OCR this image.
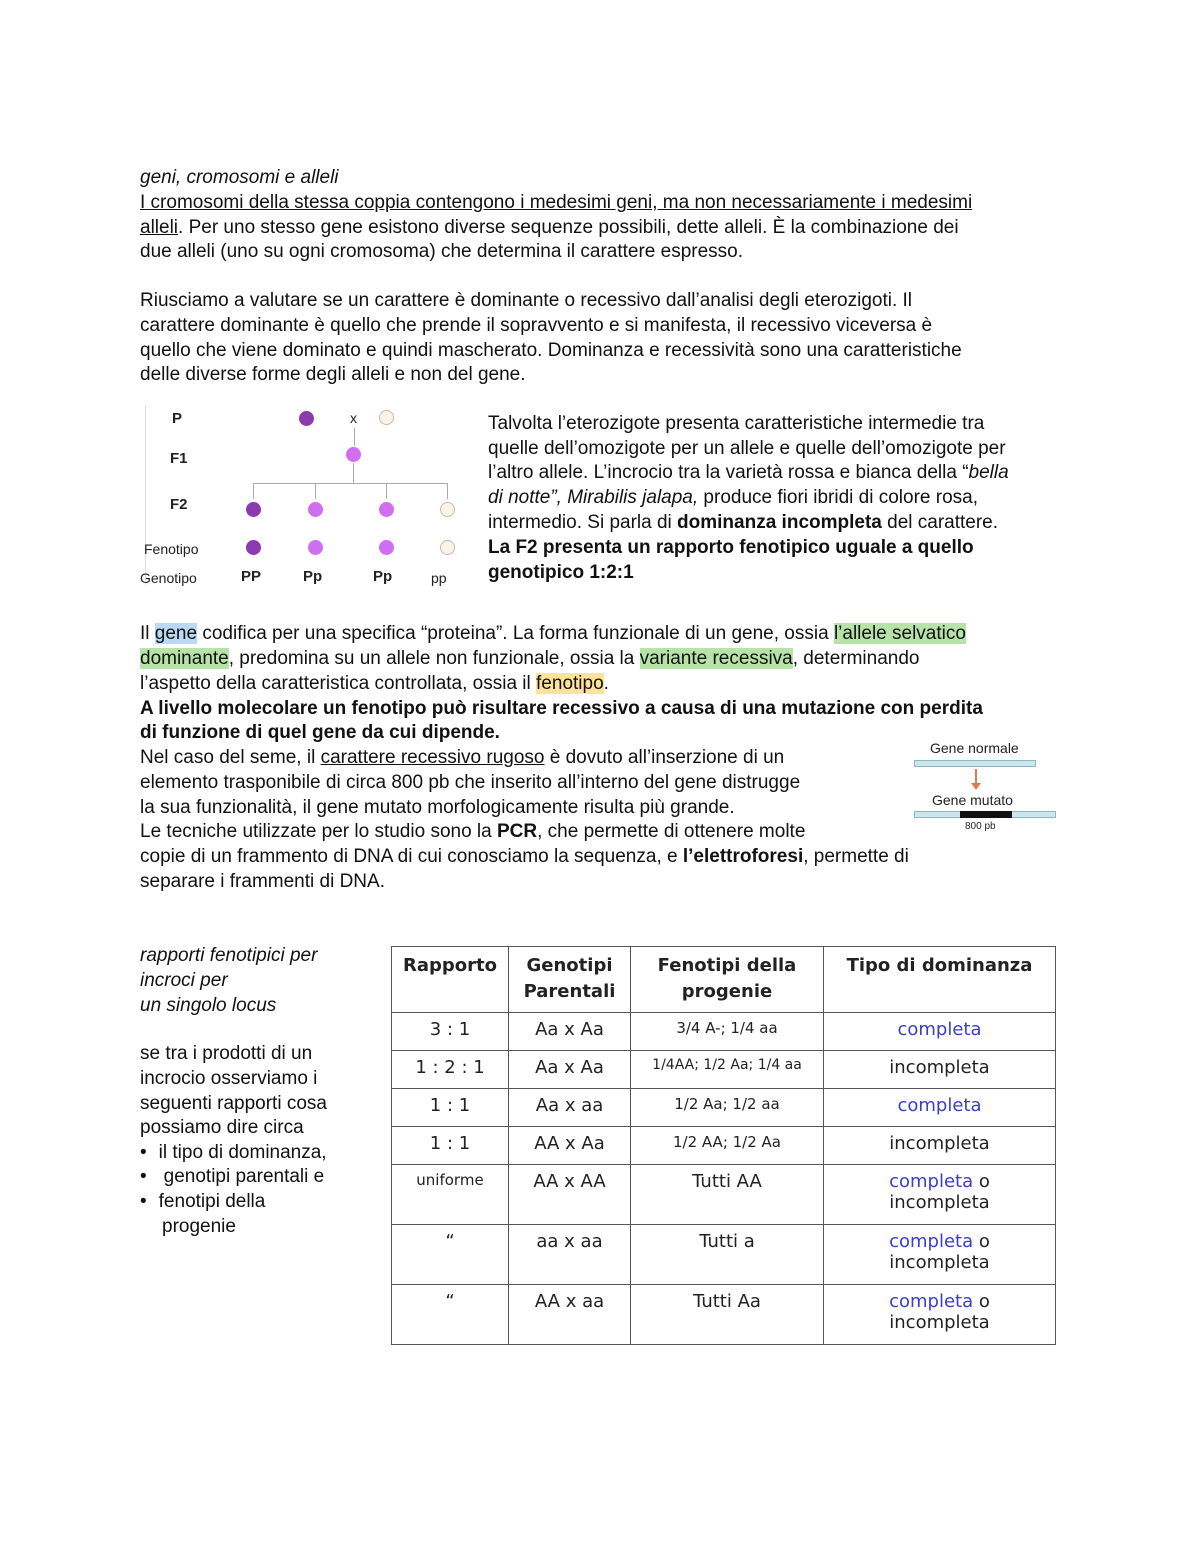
geni, cromosomi e alleli
I cromosomi della stessa coppia contengono i medesimi geni, ma non necessariamente i medesimi
alleli. Per uno stesso gene esistono diverse sequenze possibili, dette alleli. È la combinazione dei
due alleli (uno su ogni cromosoma) che determina il carattere espresso.
Riusciamo a valutare se un carattere è dominante o recessivo dall’analisi degli eterozigoti. Il
carattere dominante è quello che prende il sopravvento e si manifesta, il recessivo viceversa è
quello che viene dominato e quindi mascherato. Dominanza e recessività sono una caratteristiche
delle diverse forme degli alleli e non del gene.
P
F1
F2
Fenotipo
Genotipo
x
PP	Pp	Pp	pp
Talvolta l’eterozigote presenta caratteristiche intermedie tra
quelle dell’omozigote per un allele e quelle dell’omozigote per
l’altro allele. L’incrocio tra la varietà rossa e bianca della “bella
di notte”, Mirabilis jalapa, produce fiori ibridi di colore rosa,
intermedio. Si parla di dominanza incompleta del carattere.
La F2 presenta un rapporto fenotipico uguale a quello
genotipico 1:2:1
Il gene codifica per una specifica “proteina”. La forma funzionale di un gene, ossia l’allele selvatico
dominante, predomina su un allele non funzionale, ossia la variante recessiva, determinando
l’aspetto della caratteristica controllata, ossia il fenotipo.
A livello molecolare un fenotipo può risultare recessivo a causa di una mutazione con perdita
di funzione di quel gene da cui dipende.
Nel caso del seme, il carattere recessivo rugoso è dovuto all’inserzione di un
elemento trasponibile di circa 800 pb che inserito all’interno del gene distrugge
la sua funzionalità, il gene mutato morfologicamente risulta più grande.
Le tecniche utilizzate per lo studio sono la PCR, che permette di ottenere molte
copie di un frammento di DNA di cui conosciamo la sequenza, e l’elettroforesi, permette di
separare i frammenti di DNA.
Gene normale
Gene mutato
800 pb
rapporti fenotipici per
incroci per
un singolo locus
se tra i prodotti di un
incrocio osserviamo i
seguenti rapporti cosa
possiamo dire circa
• il tipo di dominanza,
• genotipi parentali e
• fenotipi della
progenie
Rapporto	Genotipi Parentali	Fenotipi della progenie	Tipo di dominanza
3 : 1	Aa x Aa	3/4 A-; 1/4 aa	completa
1 : 2 : 1	Aa x Aa	1/4AA; 1/2 Aa; 1/4 aa	incompleta
1 : 1	Aa x aa	1/2 Aa; 1/2 aa	completa
1 : 1	AA x Aa	1/2 AA; 1/2 Aa	incompleta
uniforme	AA x AA	Tutti AA	completa o
incompleta
“	aa x aa	Tutti a	completa o
incompleta
“	AA x aa	Tutti Aa	completa o
incompleta
